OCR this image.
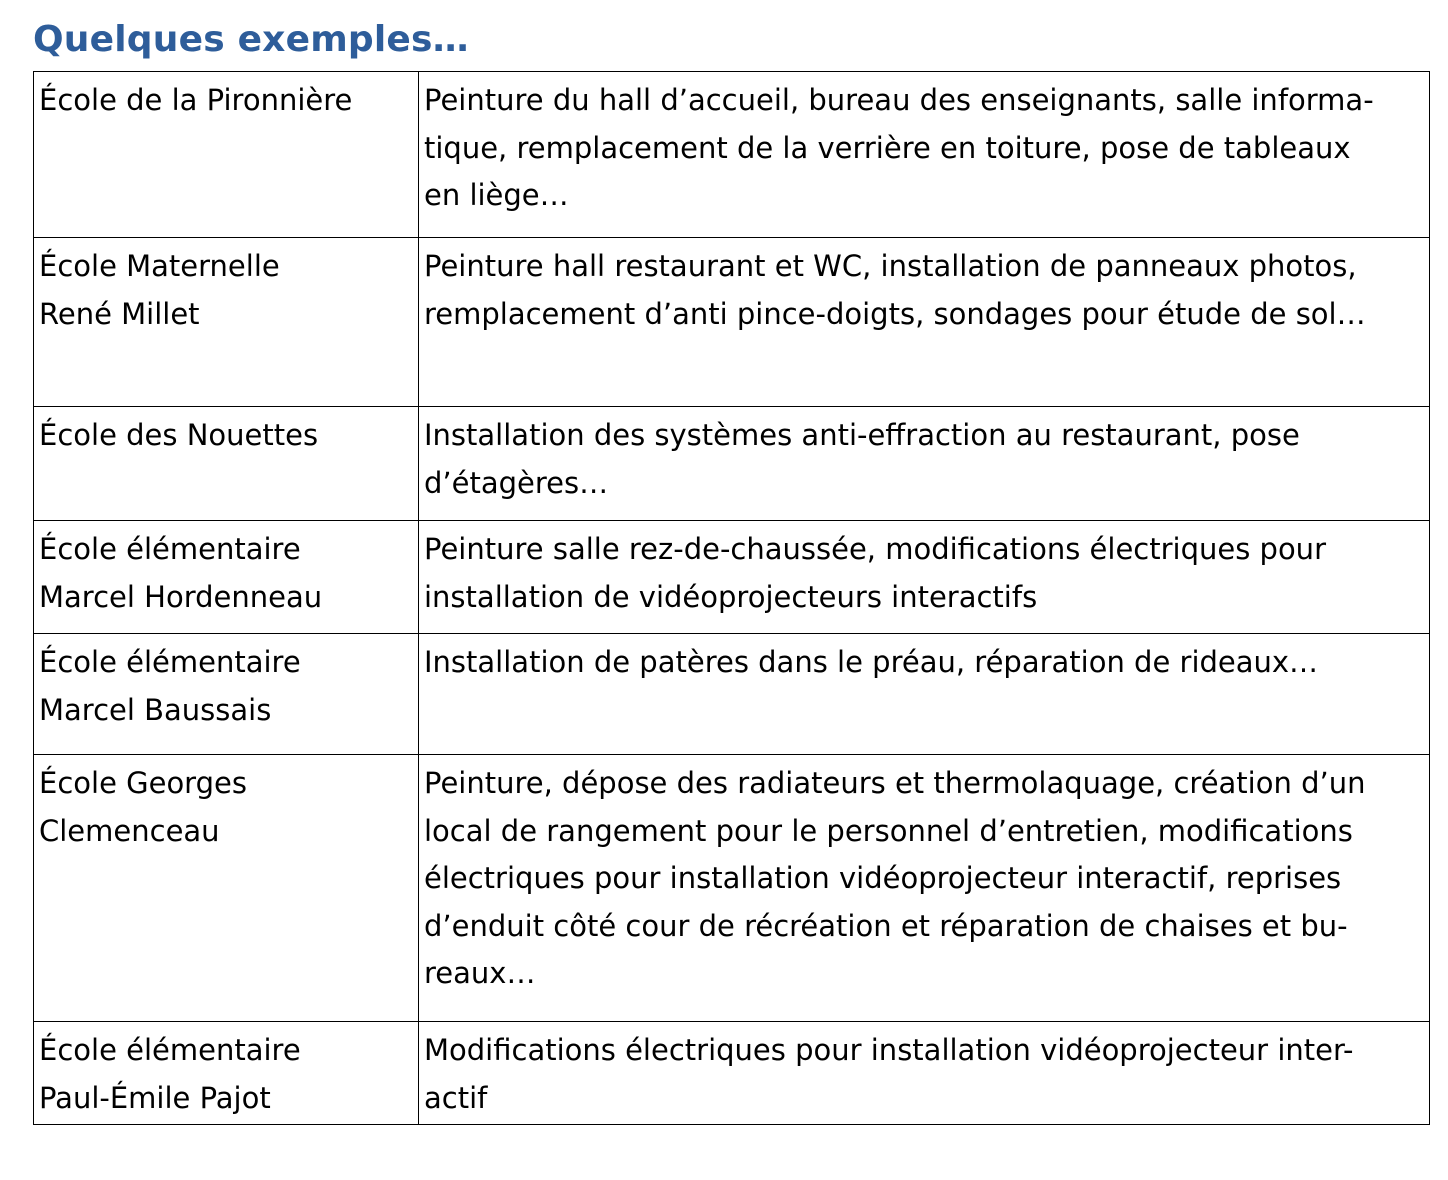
Quelques exemples…
École de la Pironnière	Peinture du hall d’accueil, bureau des enseignants, salle informa-
tique, remplacement de la verrière en toiture, pose de tableaux
en liège…
École Maternelle
René Millet	Peinture hall restaurant et WC, installation de panneaux photos,
remplacement d’anti pince-doigts, sondages pour étude de sol…
École des Nouettes	Installation des systèmes anti-effraction au restaurant, pose
d’étagères…
École élémentaire
Marcel Hordenneau	Peinture salle rez-de-chaussée, modifications électriques pour
installation de vidéoprojecteurs interactifs
École élémentaire
Marcel Baussais	Installation de patères dans le préau, réparation de rideaux…
École Georges
Clemenceau	Peinture, dépose des radiateurs et thermolaquage, création d’un
local de rangement pour le personnel d’entretien, modifications
électriques pour installation vidéoprojecteur interactif, reprises
d’enduit côté cour de récréation et réparation de chaises et bu-
reaux…
École élémentaire
Paul-Émile Pajot	Modifications électriques pour installation vidéoprojecteur inter-
actif
